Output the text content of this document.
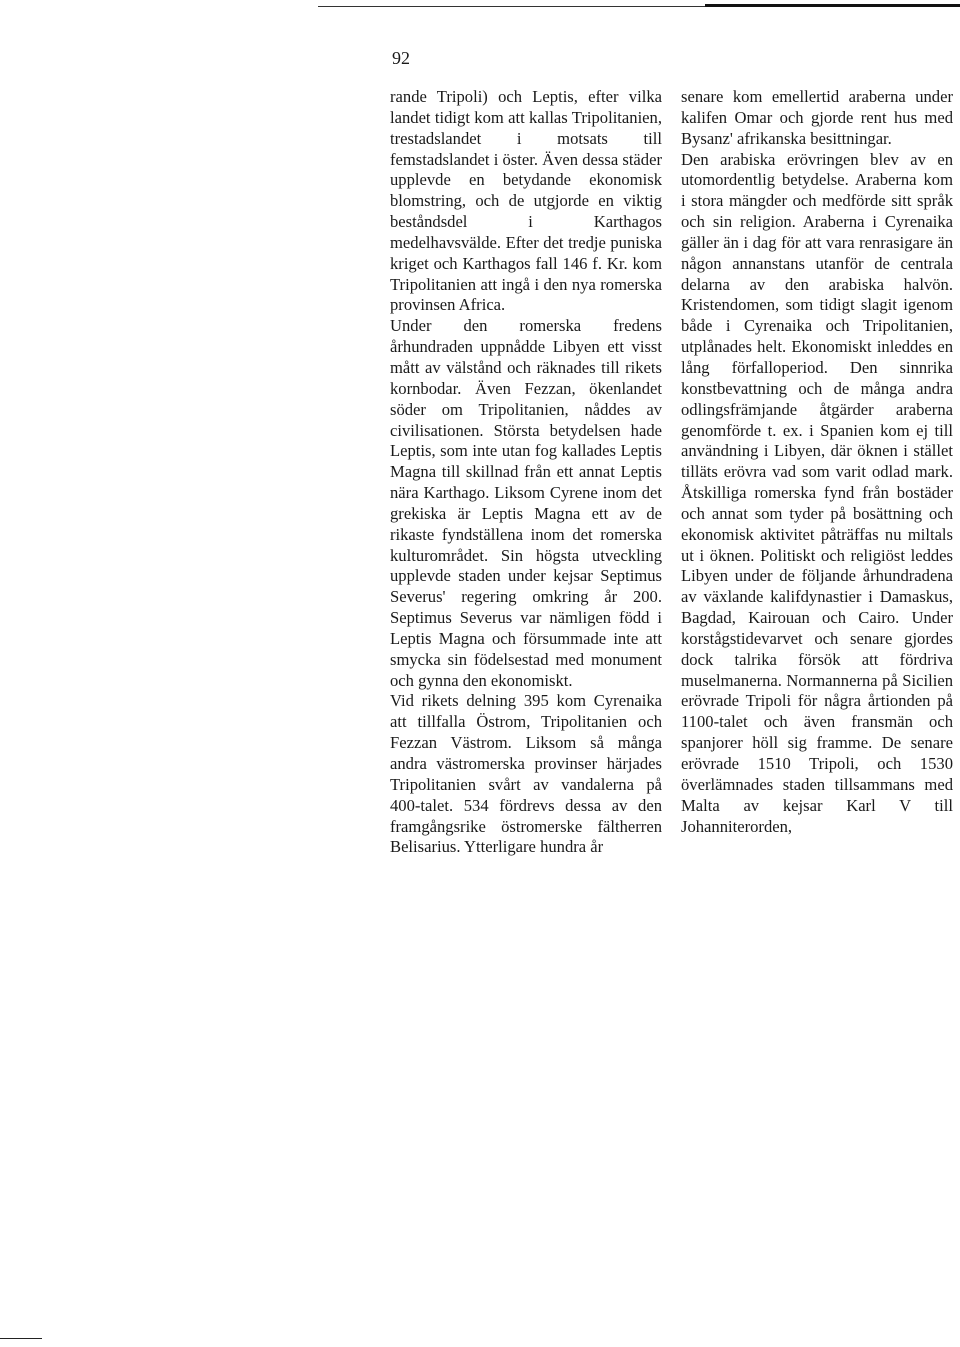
92

rande Tripoli) och Leptis, efter vilka landet tidigt kom att kallas Tripolitanien, trestadslandet i motsats till femstadslandet i öster. Även dessa städer upplevde en betydande ekonomisk blomstring, och de utgjorde en viktig beståndsdel i Karthagos medelhavsvälde. Efter det tredje puniska kriget och Karthagos fall 146 f. Kr. kom Tripolitanien att ingå i den nya romerska provinsen Africa.

Under den romerska fredens århundraden uppnådde Libyen ett visst mått av välstånd och räknades till rikets kornbodar. Även Fezzan, ökenlandet söder om Tripolitanien, nåddes av civilisationen. Största betydelsen hade Leptis, som inte utan fog kallades Leptis Magna till skillnad från ett annat Leptis nära Karthago. Liksom Cyrene inom det grekiska är Leptis Magna ett av de rikaste fyndställena inom det romerska kulturområdet. Sin högsta utveckling upplevde staden under kejsar Septimus Severus' regering omkring år 200. Septimus Severus var nämligen född i Leptis Magna och försummade inte att smycka sin födelsestad med monument och gynna den ekonomiskt.

Vid rikets delning 395 kom Cyrenaika att tillfalla Östrom, Tripolitanien och Fezzan Västrom. Liksom så många andra västromerska provinser härjades Tripolitanien svårt av vandalerna på 400-talet. 534 fördrevs dessa av den framgångsrike östromerske fältherren Belisarius. Ytterligare hundra år

senare kom emellertid araberna under kalifen Omar och gjorde rent hus med Bysanz' afrikanska besittningar.

Den arabiska erövringen blev av en utomordentlig betydelse. Araberna kom i stora mängder och medförde sitt språk och sin religion. Araberna i Cyrenaika gäller än i dag för att vara renrasigare än någon annanstans utanför de centrala delarna av den arabiska halvön. Kristendomen, som tidigt slagit igenom både i Cyrenaika och Tripolitanien, utplånades helt. Ekonomiskt inleddes en lång förfalloperiod. Den sinnrika konstbevattning och de många andra odlingsfrämjande åtgärder araberna genomförde t. ex. i Spanien kom ej till användning i Libyen, där öknen i stället tilläts erövra vad som varit odlad mark. Åtskilliga romerska fynd från bostäder och annat som tyder på bosättning och ekonomisk aktivitet påträffas nu miltals ut i öknen. Politiskt och religiöst leddes Libyen under de följande århundradena av växlande kalifdynastier i Damaskus, Bagdad, Kairouan och Cairo. Under korstågstidevarvet och senare gjordes dock talrika försök att fördriva muselmanerna. Normannerna på Sicilien erövrade Tripoli för några årtionden på 1100-talet och även fransmän och spanjorer höll sig framme. De senare erövrade 1510 Tripoli, och 1530 överlämnades staden tillsammans med Malta av kejsar Karl V till Johanniterorden,
